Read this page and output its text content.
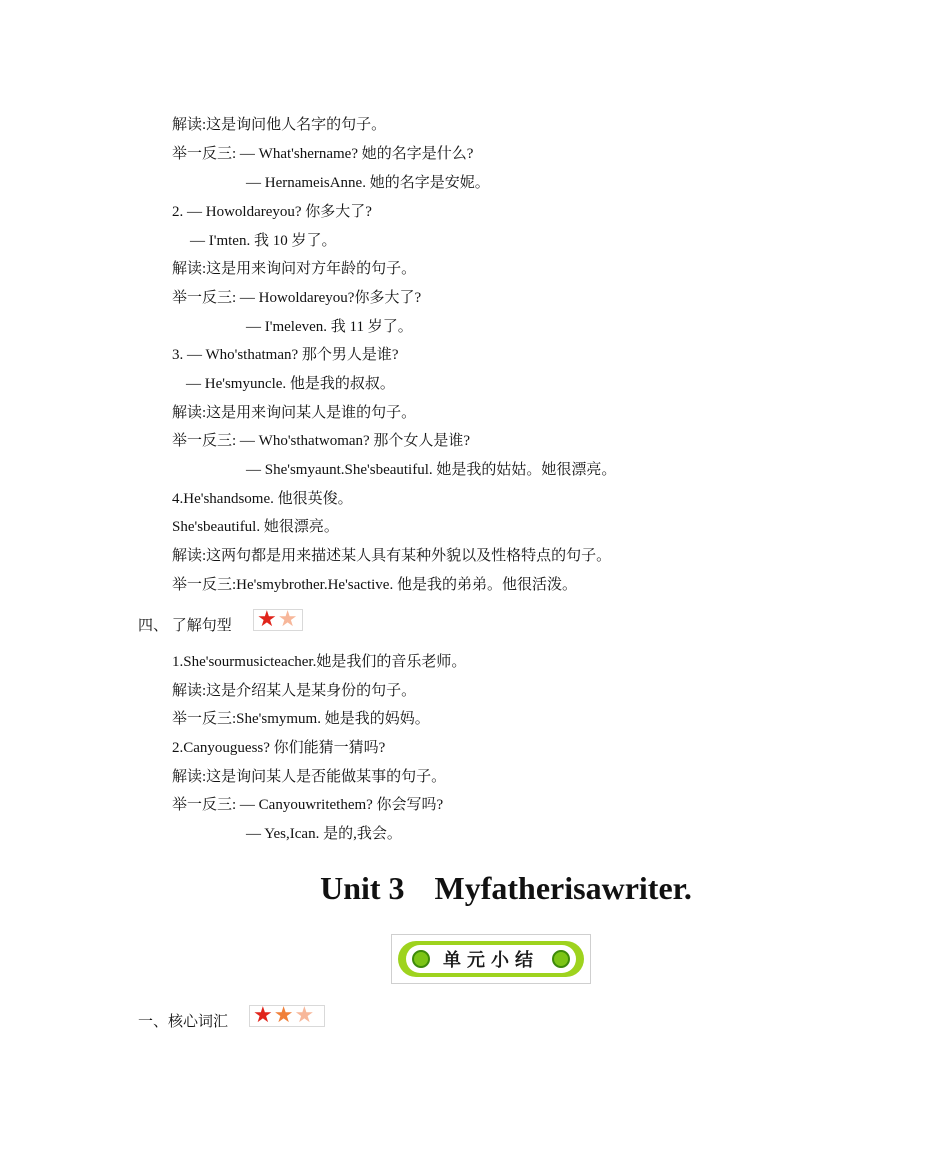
解读:这是询问他人名字的句子。
举一反三: — What'shername? 她的名字是什么?
— HernameisAnne. 她的名字是安妮。
2. — Howoldareyou? 你多大了?
— I'mten. 我 10 岁了。
解读:这是用来询问对方年龄的句子。
举一反三: — Howoldareyou?你多大了?
— I'meleven. 我 11 岁了。
3. — Who'sthatman? 那个男人是谁?
— He'smyuncle. 他是我的叔叔。
解读:这是用来询问某人是谁的句子。
举一反三: — Who'sthatwoman? 那个女人是谁?
— She'smyaunt.She'sbeautiful. 她是我的姑姑。她很漂亮。
4.He'shandsome. 他很英俊。
She'sbeautiful. 她很漂亮。
解读:这两句都是用来描述某人具有某种外貌以及性格特点的句子。
举一反三:He'smybrother.He'sactive. 他是我的弟弟。他很活泼。
四、 了解句型 ★ ★
1.She'sourmusicteacher.她是我们的音乐老师。
解读:这是介绍某人是某身份的句子。
举一反三:She'smymum. 她是我的妈妈。
2.Canyouguess? 你们能猜一猜吗?
解读:这是询问某人是否能做某事的句子。
举一反三: — Canyouwritethem? 你会写吗?
— Yes,Ican. 是的,我会。
Unit 3 Myfatherisawriter.
单元小结
一、核心词汇 ★ ★ ★
